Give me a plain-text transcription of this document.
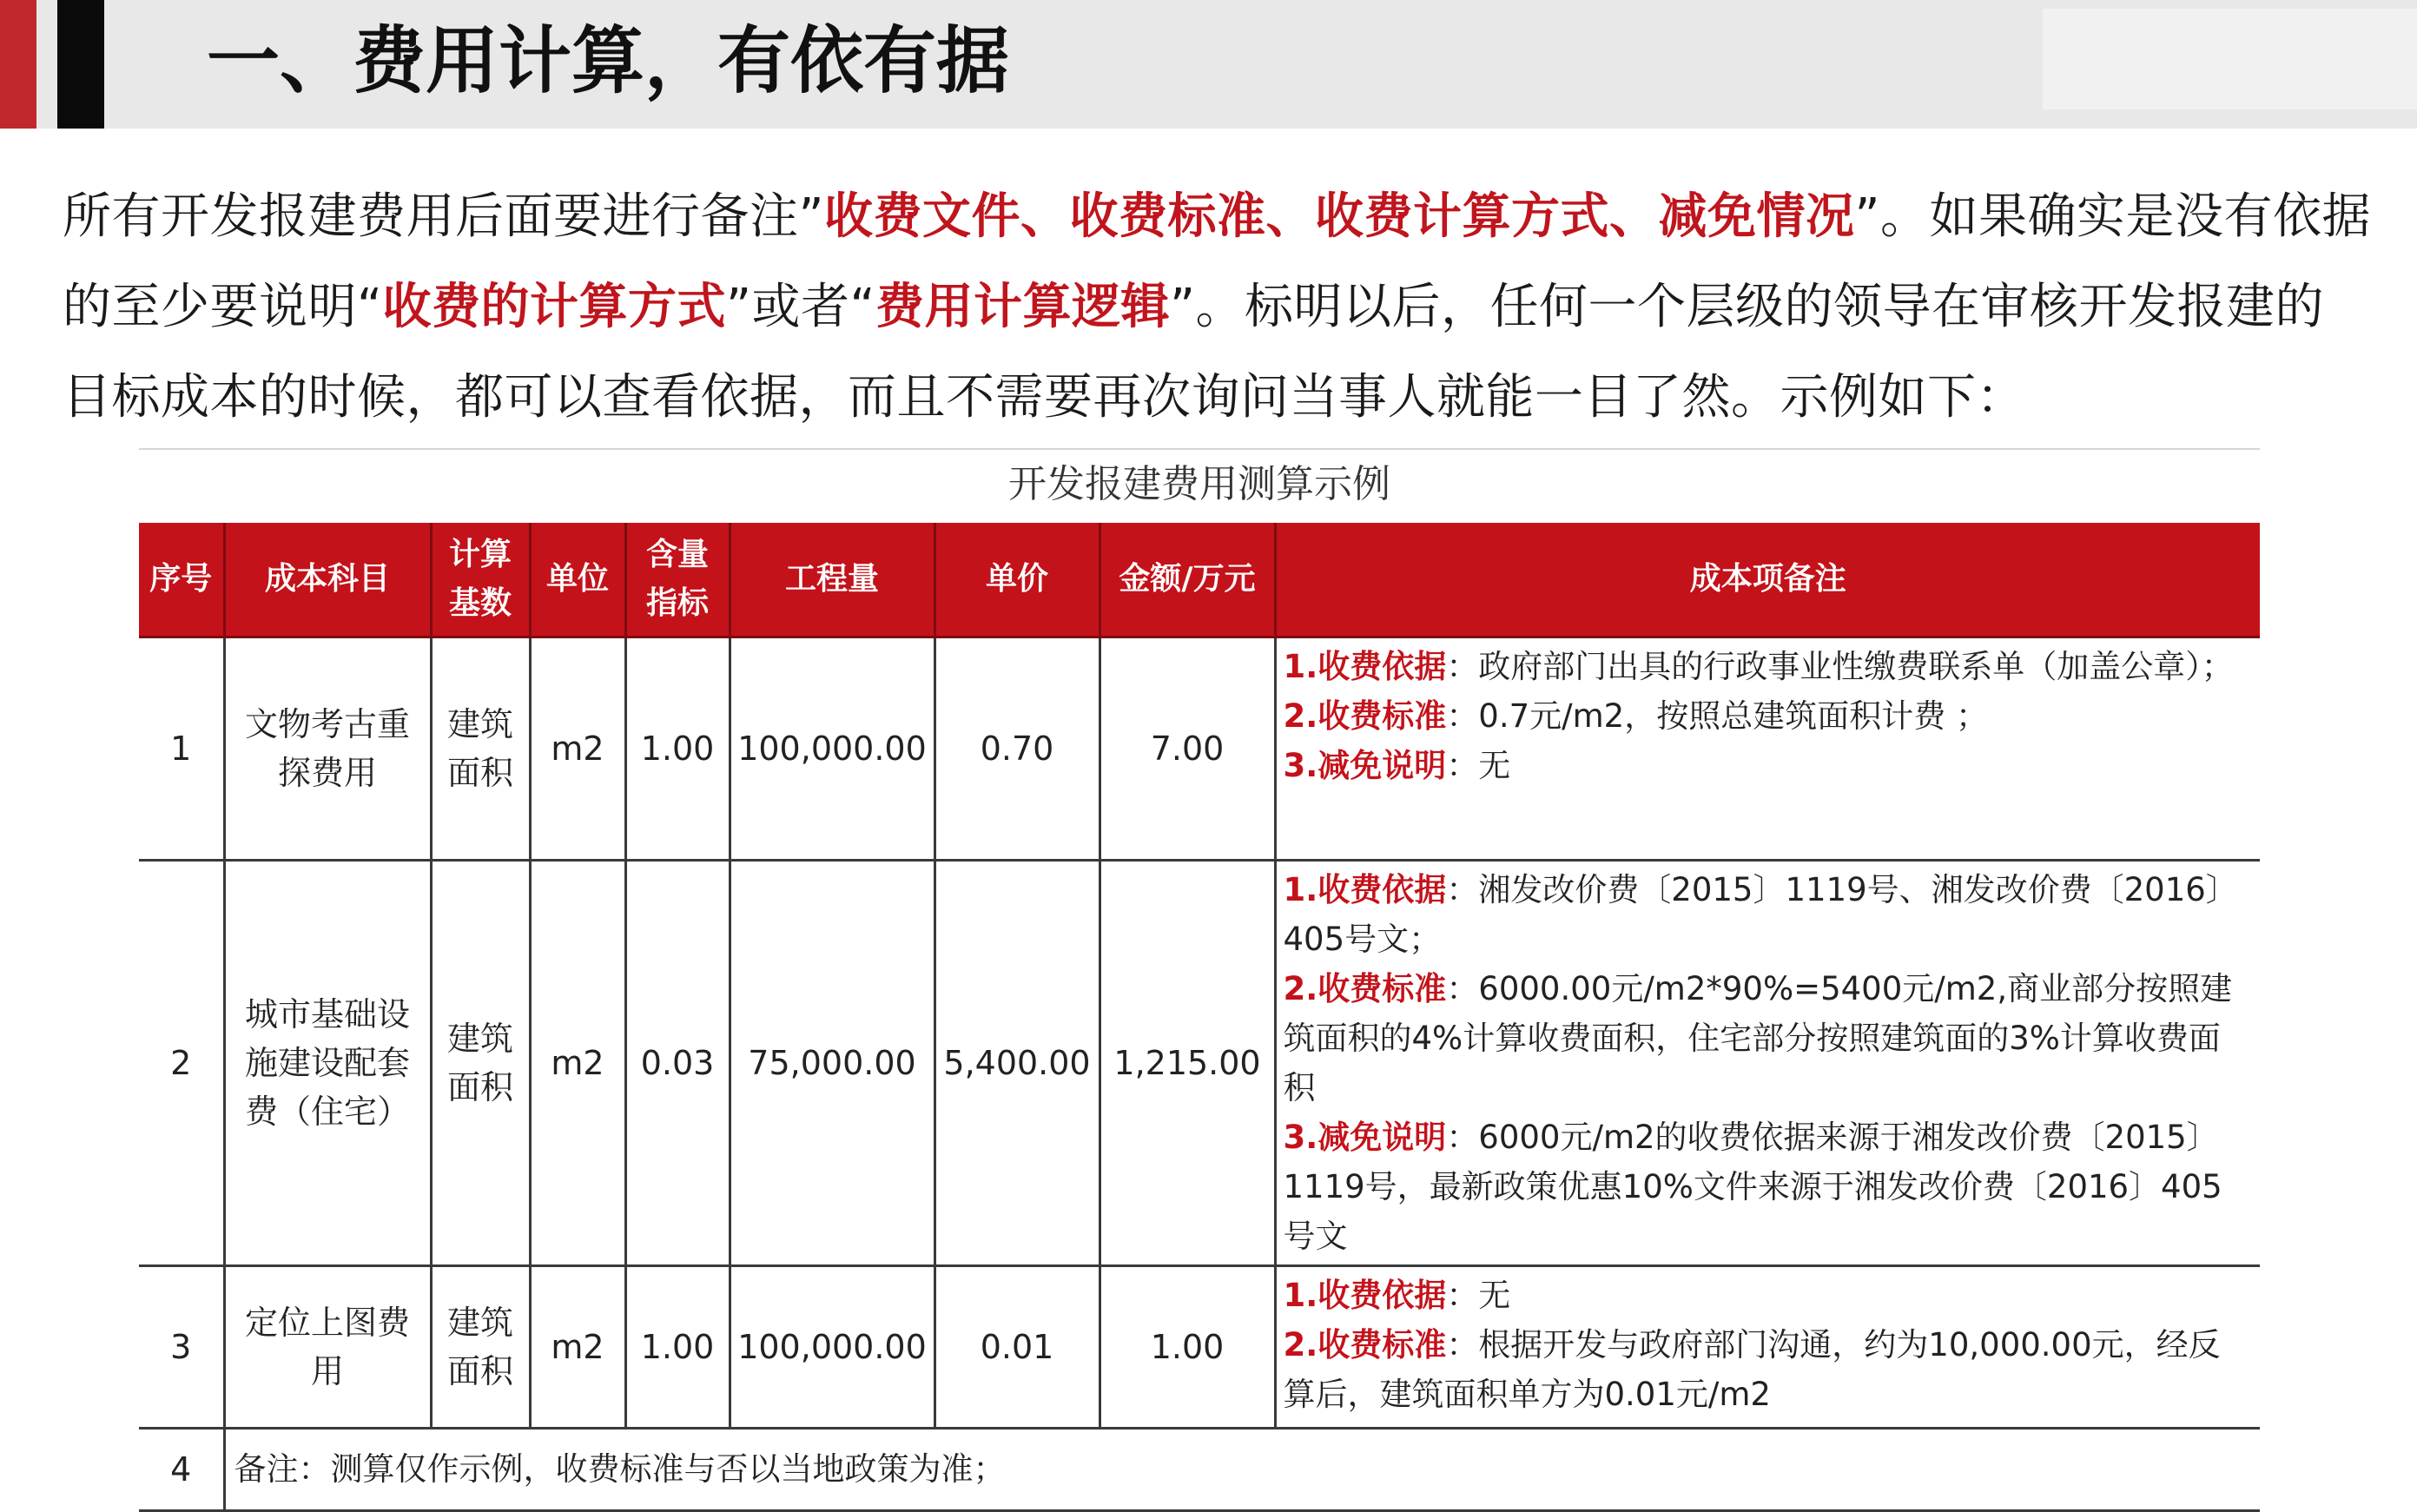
一、费用计算，有依有据
所有开发报建费用后面要进行备注”收费文件、收费标准、收费计算方式、减免情况”。如果确实是没有依据的至少要说明“收费的计算方式”或者“费用计算逻辑”。标明以后，任何一个层级的领导在审核开发报建的目标成本的时候，都可以查看依据，而且不需要再次询问当事人就能一目了然。示例如下：
开发报建费用测算示例
序号	成本科目	计算基数	单位	含量指标	工程量	单价	金额/万元	成本项备注
1	文物考古重探费用	建筑面积	m2	1.00	100,000.00	0.70	7.00	1.收费依据：政府部门出具的行政事业性缴费联系单（加盖公章）；
2.收费标准：0.7元/m2，按照总建筑面积计费 ；
3.减免说明：无

2	城市基础设施建设配套费（住宅）	建筑面积	m2	0.03	75,000.00	5,400.00	1,215.00	1.收费依据：湘发改价费〔2015〕1119号、湘发改价费〔2016〕405号文；
2.收费标准：6000.00元/m2*90%=5400元/m2,商业部分按照建筑面积的4%计算收费面积，住宅部分按照建筑面的3%计算收费面积
3.减免说明：6000元/m2的收费依据来源于湘发改价费〔2015〕1119号，最新政策优惠10%文件来源于湘发改价费〔2016〕405号文

3	定位上图费用	建筑面积	m2	1.00	100,000.00	0.01	1.00	1.收费依据：无
2.收费标准：根据开发与政府部门沟通，约为10,000.00元，经反算后，建筑面积单方为0.01元/m2

4	备注：测算仅作示例，收费标准与否以当地政策为准；							
